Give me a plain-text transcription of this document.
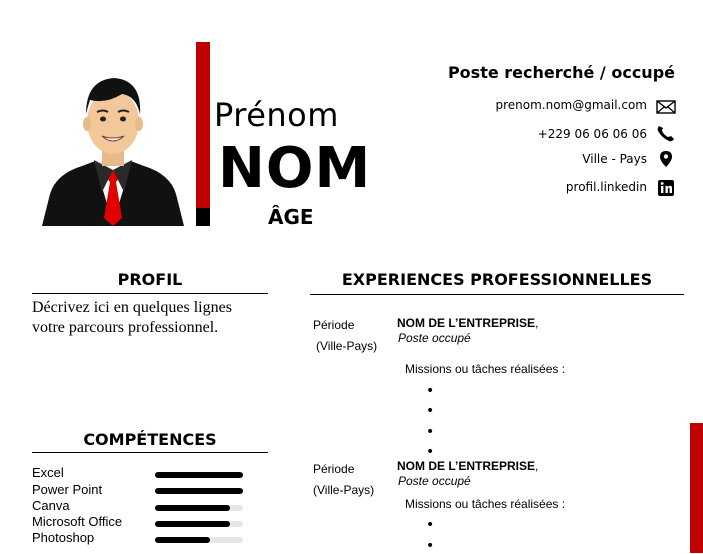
Prénom
NOM
ÂGE
Poste recherché / occupé
prenom.nom@gmail.com
+229 06 06 06 06
Ville - Pays
profil.linkedin
PROFIL
Décrivez ici en quelques lignes votre parcours professionnel.
COMPÉTENCES
Excel
Power Point
Canva
Microsoft Office
Photoshop
EXPERIENCES PROFESSIONNELLES
Période
(Ville-Pays)
NOM DE L’ENTREPRISE,
Poste occupé
Missions ou tâches réalisées :
•
•
•
•
Période
(Ville-Pays)
NOM DE L’ENTREPRISE,
Poste occupé
Missions ou tâches réalisées :
•
•
